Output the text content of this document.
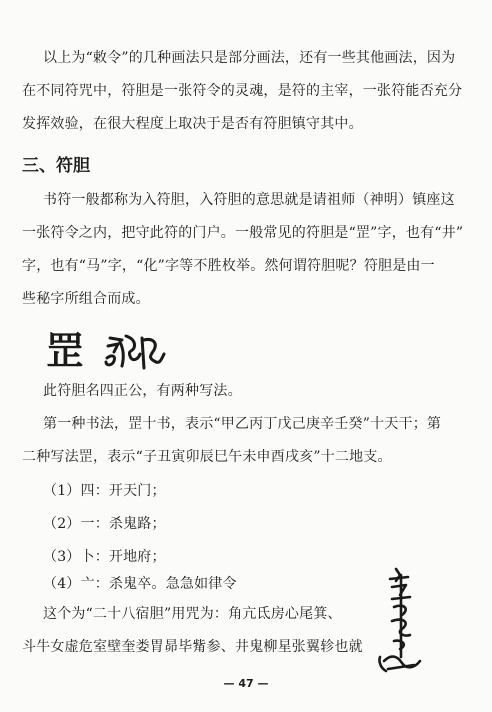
以上为“敕令”的几种画法只是部分画法，还有一些其他画法，因为
在不同符咒中，符胆是一张符令的灵魂，是符的主宰，一张符能否充分
发挥效验，在很大程度上取决于是否有符胆镇守其中。
三、符胆
书符一般都称为入符胆，入符胆的意思就是请祖师（神明）镇座这
一张符令之内，把守此符的门户。一般常见的符胆是“罡”字，也有“井”
字，也有“马”字，“化”字等不胜枚举。然何谓符胆呢？符胆是由一
些秘字所组合而成。
罡
此符胆名四正公，有两种写法。
第一种书法，罡十书，表示“甲乙丙丁戊己庚辛壬癸”十天干；第
二种写法罡，表示“子丑寅卯辰巳午未申酉戌亥”十二地支。
（1）四：开天门；
（2）一：杀鬼路；
（3）卜：开地府；
（4）亠：杀鬼卒。急急如律令
这个为“二十八宿胆”用咒为：角亢氐房心尾箕、
斗牛女虚危室壁奎娄胃昴毕觜参、井鬼柳星张翼轸也就
— 47 —
